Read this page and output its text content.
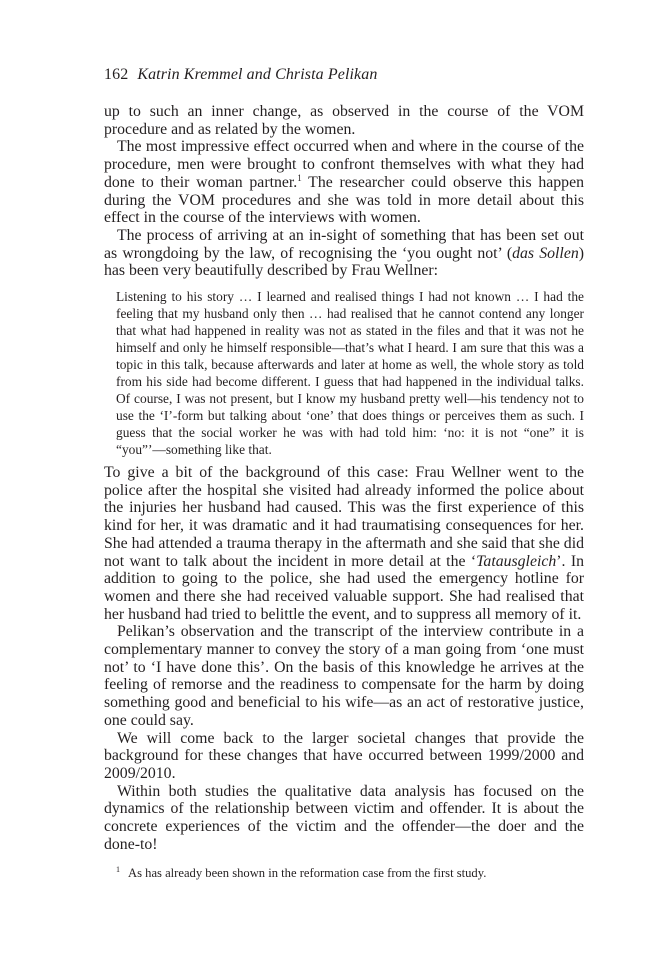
162 Katrin Kremmel and Christa Pelikan

up to such an inner change, as observed in the course of the VOM procedure and as related by the women.

The most impressive effect occurred when and where in the course of the procedure, men were brought to confront themselves with what they had done to their woman partner.$^1$ The researcher could observe this happen during the VOM procedures and she was told in more detail about this effect in the course of the interviews with women.

The process of arriving at an in-sight of something that has been set out as wrongdoing by the law, of recognising the ‘you ought not’ (das Sollen) has been very beautifully described by Frau Wellner:

Listening to his story … I learned and realised things I had not known … I had the feeling that my husband only then … had realised that he cannot contend any longer that what had happened in reality was not as stated in the files and that it was not he himself and only he himself responsible—that’s what I heard. I am sure that this was a topic in this talk, because afterwards and later at home as well, the whole story as told from his side had become different. I guess that had happened in the individual talks. Of course, I was not present, but I know my husband pretty well—his tendency not to use the ‘I’-form but talking about ‘one’ that does things or perceives them as such. I guess that the social worker he was with had told him: ‘no: it is not “one” it is “you”’—something like that.

To give a bit of the background of this case: Frau Wellner went to the police after the hospital she visited had already informed the police about the injuries her husband had caused. This was the first experience of this kind for her, it was dramatic and it had traumatising consequences for her. She had attended a trauma therapy in the aftermath and she said that she did not want to talk about the incident in more detail at the ‘Tatausgleich’. In addition to going to the police, she had used the emergency hotline for women and there she had received valuable support. She had realised that her husband had tried to belittle the event, and to suppress all memory of it.

Pelikan’s observation and the transcript of the interview contribute in a complementary manner to convey the story of a man going from ‘one must not’ to ‘I have done this’. On the basis of this knowledge he arrives at the feeling of remorse and the readiness to compensate for the harm by doing something good and beneficial to his wife—as an act of restorative justice, one could say.

We will come back to the larger societal changes that provide the background for these changes that have occurred between 1999/2000 and 2009/2010.

Within both studies the qualitative data analysis has focused on the dynamics of the relationship between victim and offender. It is about the concrete experiences of the victim and the offender—the doer and the done-to!

$^1$ As has already been shown in the reformation case from the first study.
